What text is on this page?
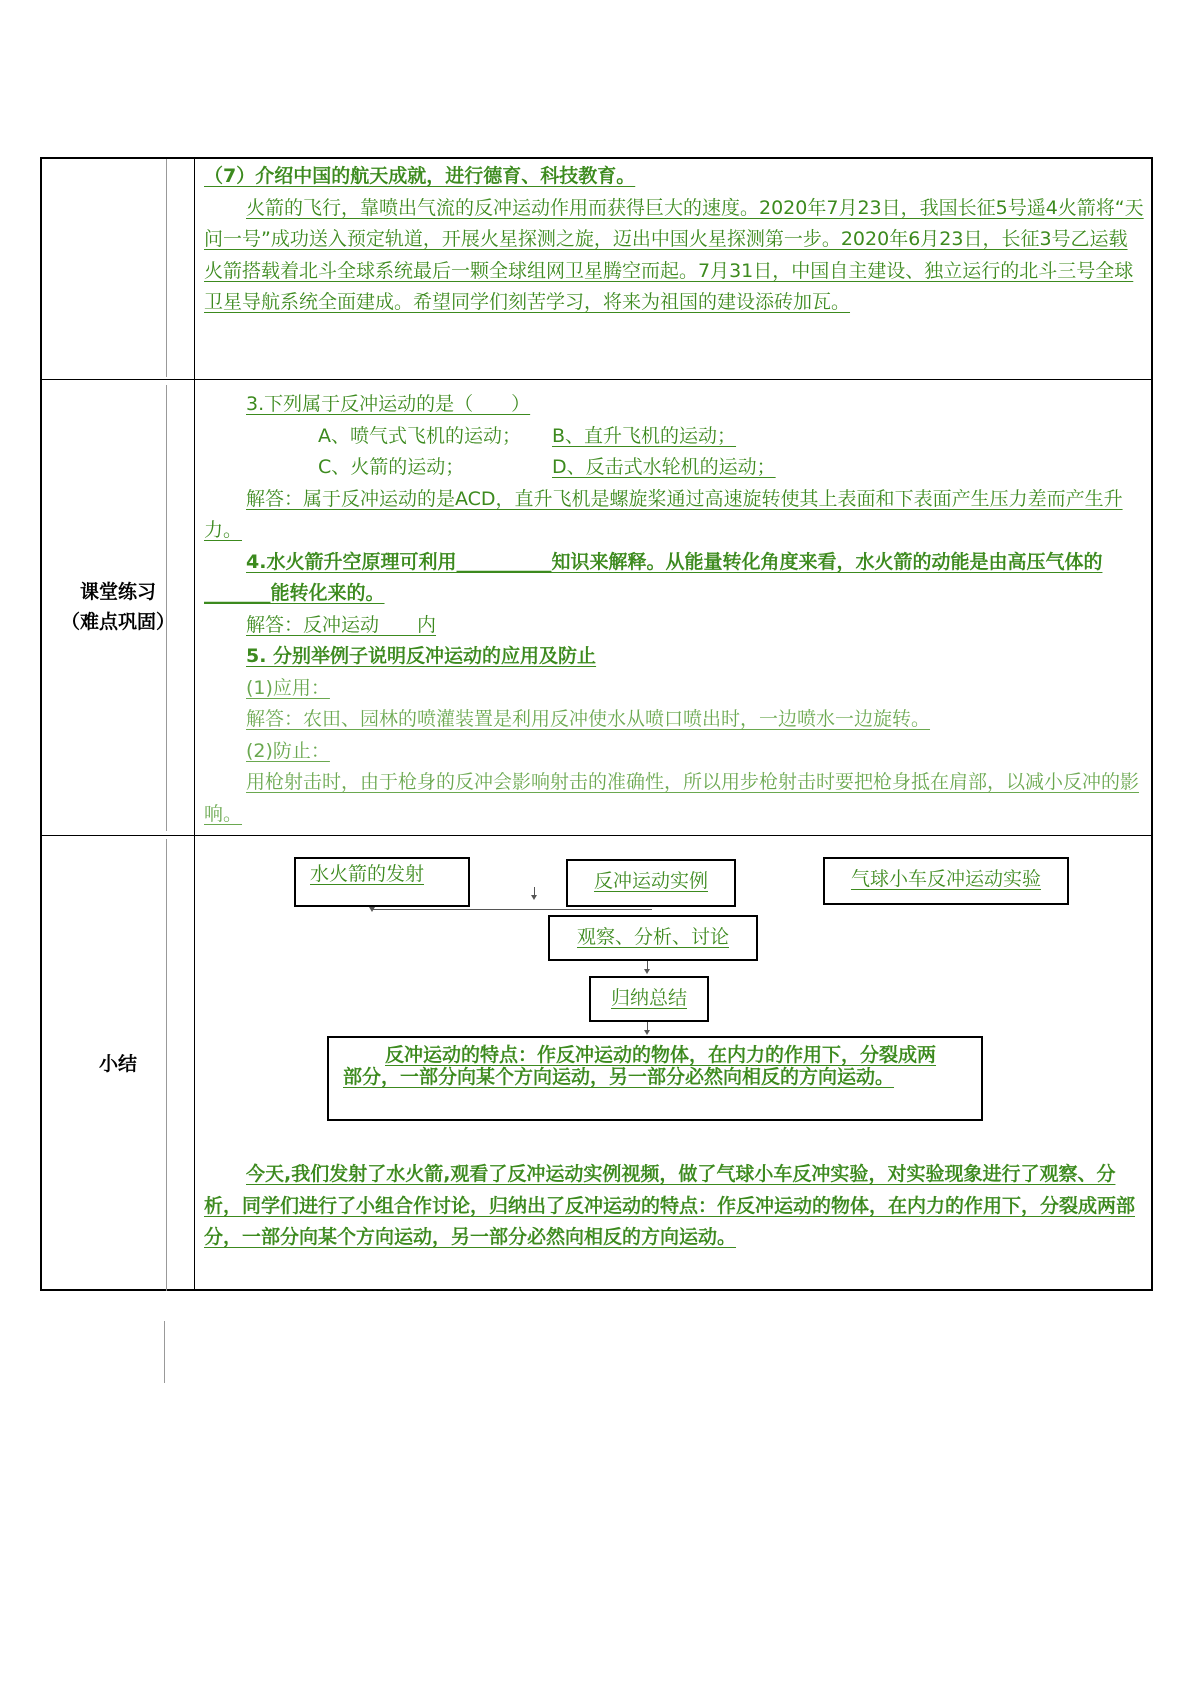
（7）介绍中国的航天成就，进行德育、科技教育。

火箭的飞行，靠喷出气流的反冲运动作用而获得巨大的速度。2020年7月23日，我国长征5号遥4火箭将“天问一号”成功送入预定轨道，开展火星探测之旋，迈出中国火星探测第一步。2020年6月23日，长征3号乙运载火箭搭载着北斗全球系统最后一颗全球组网卫星腾空而起。7月31日，中国自主建设、独立运行的北斗三号全球卫星导航系统全面建成。希望同学们刻苦学习，将来为祖国的建设添砖加瓦。

课堂练习
（难点巩固）

3.下列属于反冲运动的是（　　）

A、喷气式飞机的运动； B、直升飞机的运动；

C、火箭的运动；	D、反击式水轮机的运动；

解答：属于反冲运动的是ACD，直升飞机是螺旋桨通过高速旋转使其上表面和下表面产生压力差而产生升力。

4.水火箭升空原理可利用__________知识来解释。从能量转化角度来看，水火箭的动能是由高压气体的_______能转化来的。

解答：反冲运动　　内

5. 分别举例子说明反冲运动的应用及防止

(1)应用：

解答：农田、园林的喷灌装置是利用反冲使水从喷口喷出时，一边喷水一边旋转。

(2)防止：

用枪射击时，由于枪身的反冲会影响射击的准确性，所以用步枪射击时要把枪身抵在肩部，以减小反冲的影响。

小结
水火箭的发射	反冲运动实例	气球小车反冲运动实验
观察、分析、讨论
归纳总结
反冲运动的特点：作反冲运动的物体，在内力的作用下，分裂成两部分，一部分向某个方向运动，另一部分必然向相反的方向运动。

今天,我们发射了水火箭,观看了反冲运动实例视频，做了气球小车反冲实验，对实验现象进行了观察、分析，同学们进行了小组合作讨论，归纳出了反冲运动的特点：作反冲运动的物体，在内力的作用下，分裂成两部分，一部分向某个方向运动，另一部分必然向相反的方向运动。
